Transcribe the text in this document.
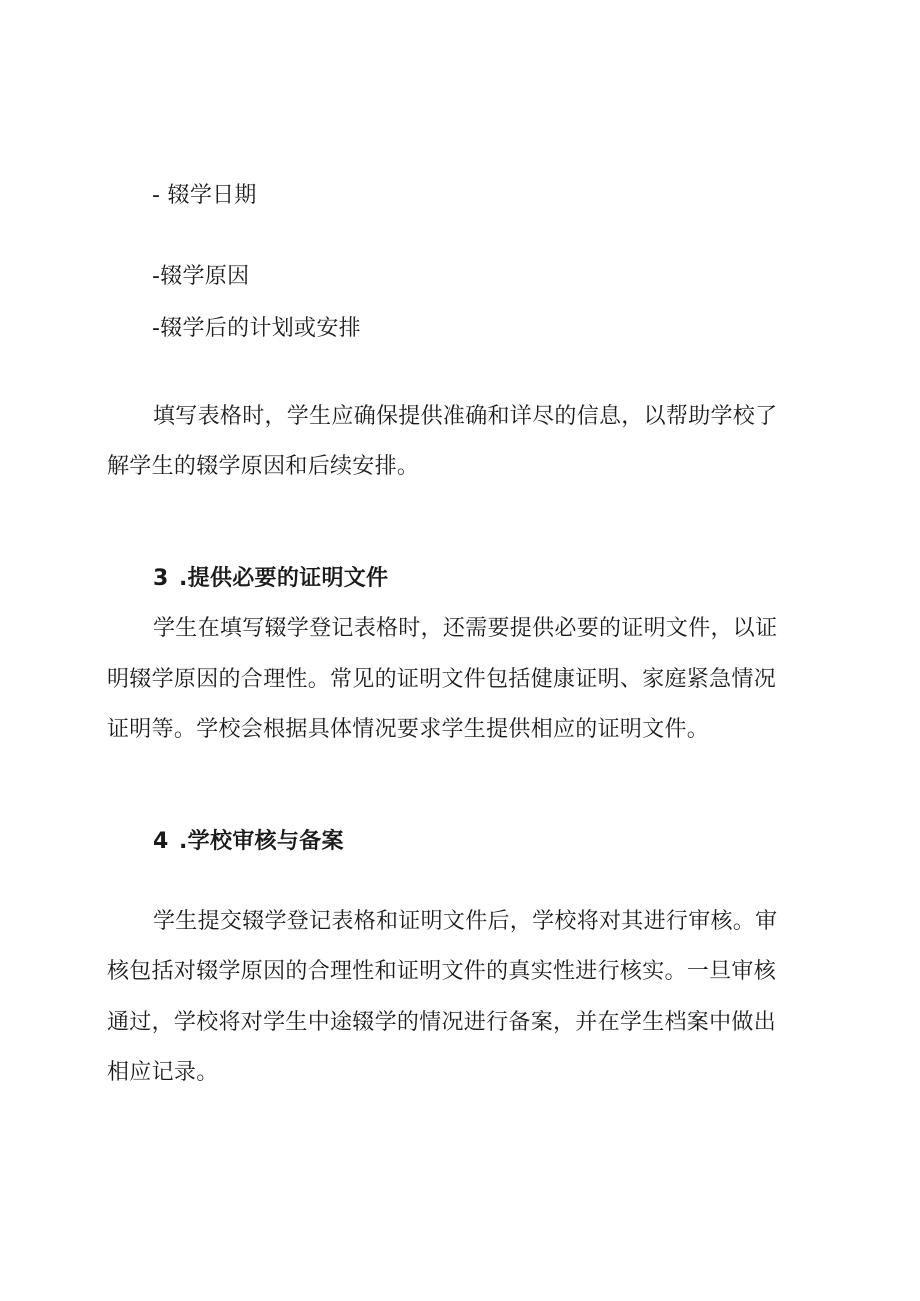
- 辍学日期
-辍学原因
-辍学后的计划或安排
填写表格时，学生应确保提供准确和详尽的信息，以帮助学校了
解学生的辍学原因和后续安排。
3 .提供必要的证明文件
学生在填写辍学登记表格时，还需要提供必要的证明文件，以证
明辍学原因的合理性。常见的证明文件包括健康证明、家庭紧急情况
证明等。学校会根据具体情况要求学生提供相应的证明文件。
4 .学校审核与备案
学生提交辍学登记表格和证明文件后，学校将对其进行审核。审
核包括对辍学原因的合理性和证明文件的真实性进行核实。一旦审核
通过，学校将对学生中途辍学的情况进行备案，并在学生档案中做出
相应记录。
